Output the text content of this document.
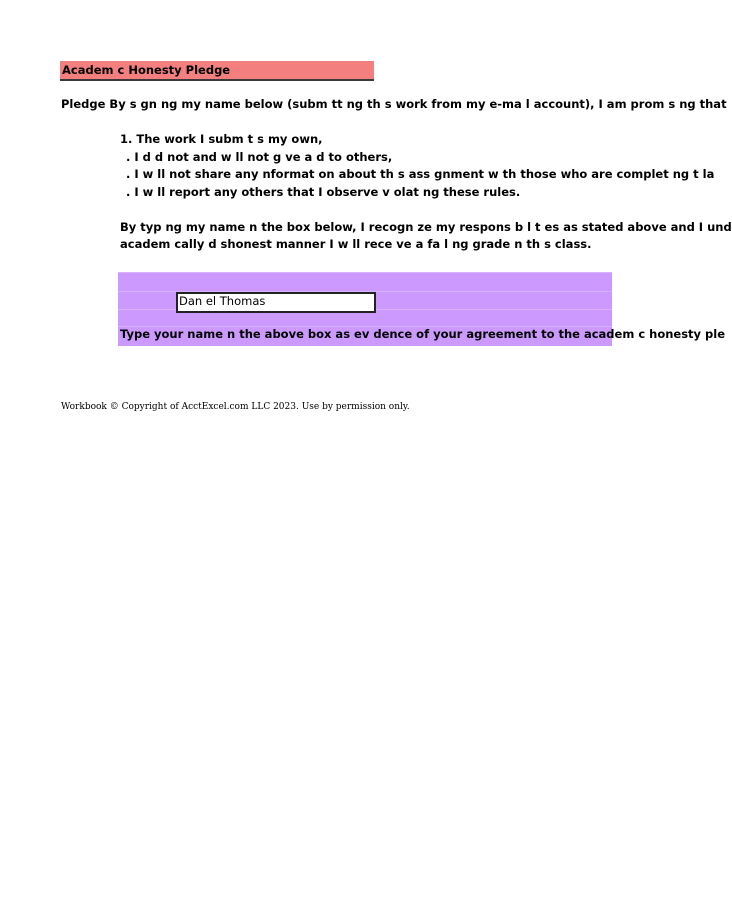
Academ c Honesty Pledge
Pledge By s gn ng my name below (subm tt ng th s work from my e-ma l account), I am prom s ng that
1. The work I subm t s my own,
. I d d not and w ll not g ve a d to others,
. I w ll not share any nformat on about th s ass gnment w th those who are complet ng t la
. I w ll report any others that I observe v olat ng these rules.
By typ ng my name n the box below, I recogn ze my respons b l t es as stated above and I und
academ cally d shonest manner I w ll rece ve a fa l ng grade n th s class.
Dan el Thomas
Type your name n the above box as ev dence of your agreement to the academ c honesty ple
Workbook © Copyright of AcctExcel.com LLC 2023. Use by permission only.
